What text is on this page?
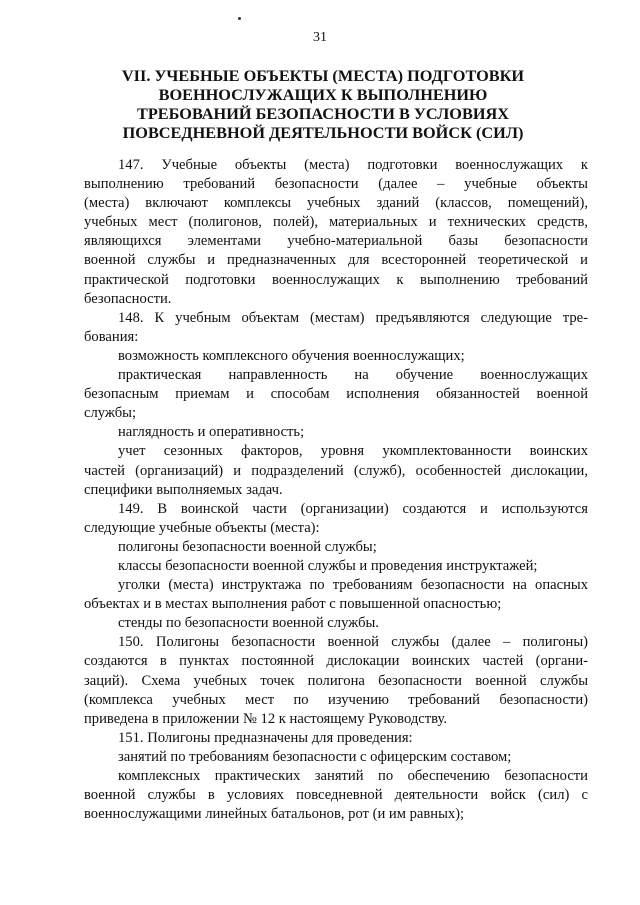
31
VII. УЧЕБНЫЕ ОБЪЕКТЫ (МЕСТА) ПОДГОТОВКИ
ВОЕННОСЛУЖАЩИХ К ВЫПОЛНЕНИЮ
ТРЕБОВАНИЙ БЕЗОПАСНОСТИ В УСЛОВИЯХ
ПОВСЕДНЕВНОЙ ДЕЯТЕЛЬНОСТИ ВОЙСК (СИЛ)
147. Учебные объекты (места) подготовки военнослужащих к
выполнению требований безопасности (далее – учебные объекты
(места) включают комплексы учебных зданий (классов, помещений),
учебных мест (полигонов, полей), материальных и технических средств,
являющихся элементами учебно-материальной базы безопасности
военной службы и предназначенных для всесторонней теоретической и
практической подготовки военнослужащих к выполнению требований
безопасности.
148. К учебным объектам (местам) предъявляются следующие тре-
бования:
возможность комплексного обучения военнослужащих;
практическая направленность на обучение военнослужащих
безопасным приемам и способам исполнения обязанностей военной
службы;
наглядность и оперативность;
учет сезонных факторов, уровня укомплектованности воинских
частей (организаций) и подразделений (служб), особенностей дислокации,
специфики выполняемых задач.
149. В воинской части (организации) создаются и используются
следующие учебные объекты (места):
полигоны безопасности военной службы;
классы безопасности военной службы и проведения инструктажей;
уголки (места) инструктажа по требованиям безопасности на опасных
объектах и в местах выполнения работ с повышенной опасностью;
стенды по безопасности военной службы.
150. Полигоны безопасности военной службы (далее – полигоны)
создаются в пунктах постоянной дислокации воинских частей (органи-
заций). Схема учебных точек полигона безопасности военной службы
(комплекса учебных мест по изучению требований безопасности)
приведена в приложении № 12 к настоящему Руководству.
151. Полигоны предназначены для проведения:
занятий по требованиям безопасности с офицерским составом;
комплексных практических занятий по обеспечению безопасности
военной службы в условиях повседневной деятельности войск (сил) с
военнослужащими линейных батальонов, рот (и им равных);
